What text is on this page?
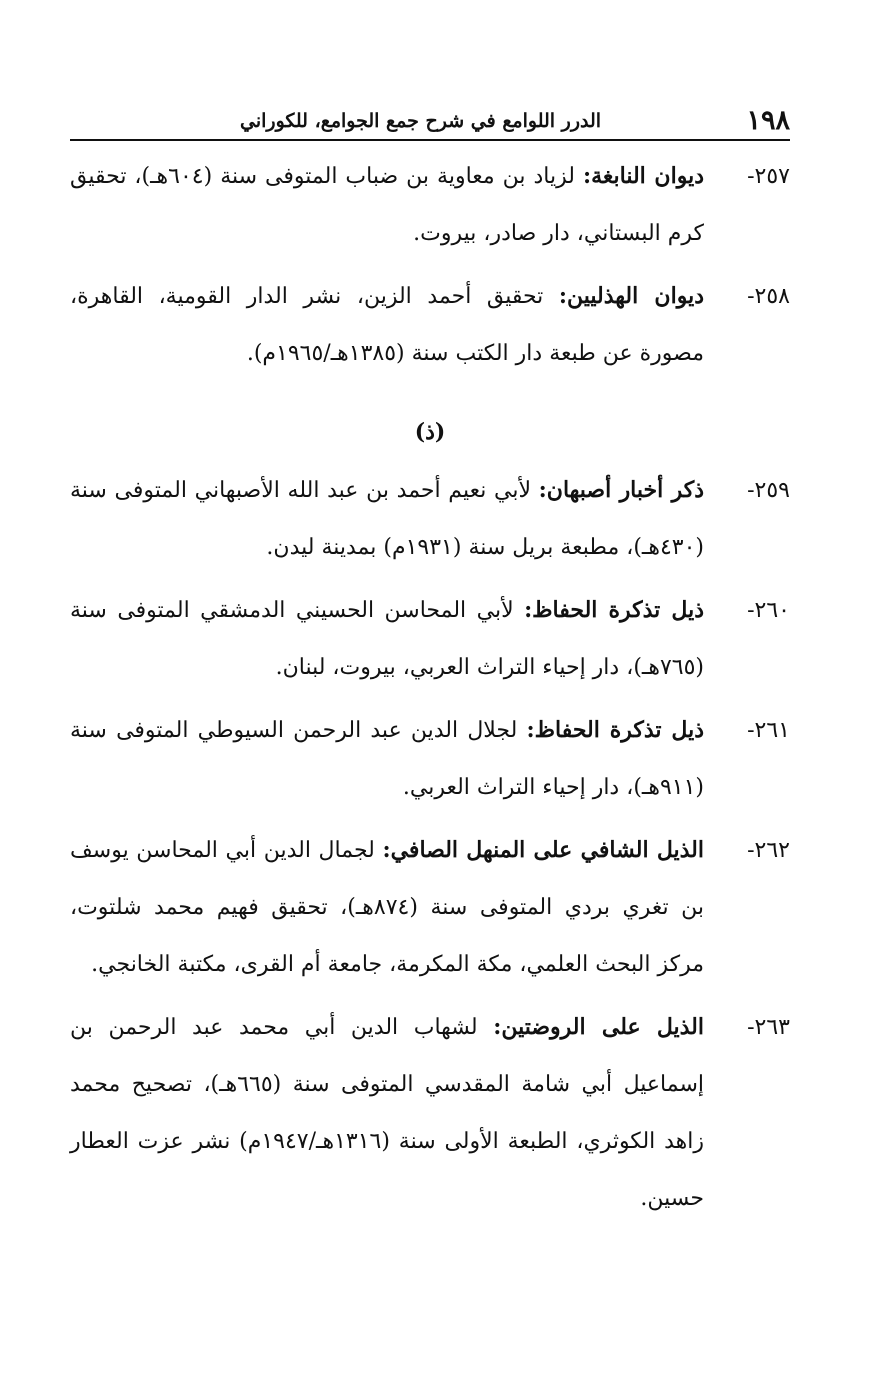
١٩٨
الدرر اللوامع في شرح جمع الجوامع، للكوراني
٢٥٧-
ديوان النابغة: لزياد بن معاوية بن ضباب المتوفى سنة (٦٠٤هـ)، تحقيق كرم البستاني، دار صادر، بيروت.
٢٥٨-
ديوان الهذليين: تحقيق أحمد الزين، نشر الدار القومية، القاهرة، مصورة عن طبعة دار الكتب سنة (١٣٨٥هـ/١٩٦٥م).
(ذ)
٢٥٩-
ذكر أخبار أصبهان: لأبي نعيم أحمد بن عبد الله الأصبهاني المتوفى سنة (٤٣٠هـ)، مطبعة بريل سنة (١٩٣١م) بمدينة ليدن.
٢٦٠-
ذيل تذكرة الحفاظ: لأبي المحاسن الحسيني الدمشقي المتوفى سنة (٧٦٥هـ)، دار إحياء التراث العربي، بيروت، لبنان.
٢٦١-
ذيل تذكرة الحفاظ: لجلال الدين عبد الرحمن السيوطي المتوفى سنة (٩١١هـ)، دار إحياء التراث العربي.
٢٦٢-
الذيل الشافي على المنهل الصافي: لجمال الدين أبي المحاسن يوسف بن تغري بردي المتوفى سنة (٨٧٤هـ)، تحقيق فهيم محمد شلتوت، مركز البحث العلمي، مكة المكرمة، جامعة أم القرى، مكتبة الخانجي.
٢٦٣-
الذيل على الروضتين: لشهاب الدين أبي محمد عبد الرحمن بن إسماعيل أبي شامة المقدسي المتوفى سنة (٦٦٥هـ)، تصحيح محمد زاهد الكوثري، الطبعة الأولى سنة (١٣١٦هـ/١٩٤٧م) نشر عزت العطار حسين.
